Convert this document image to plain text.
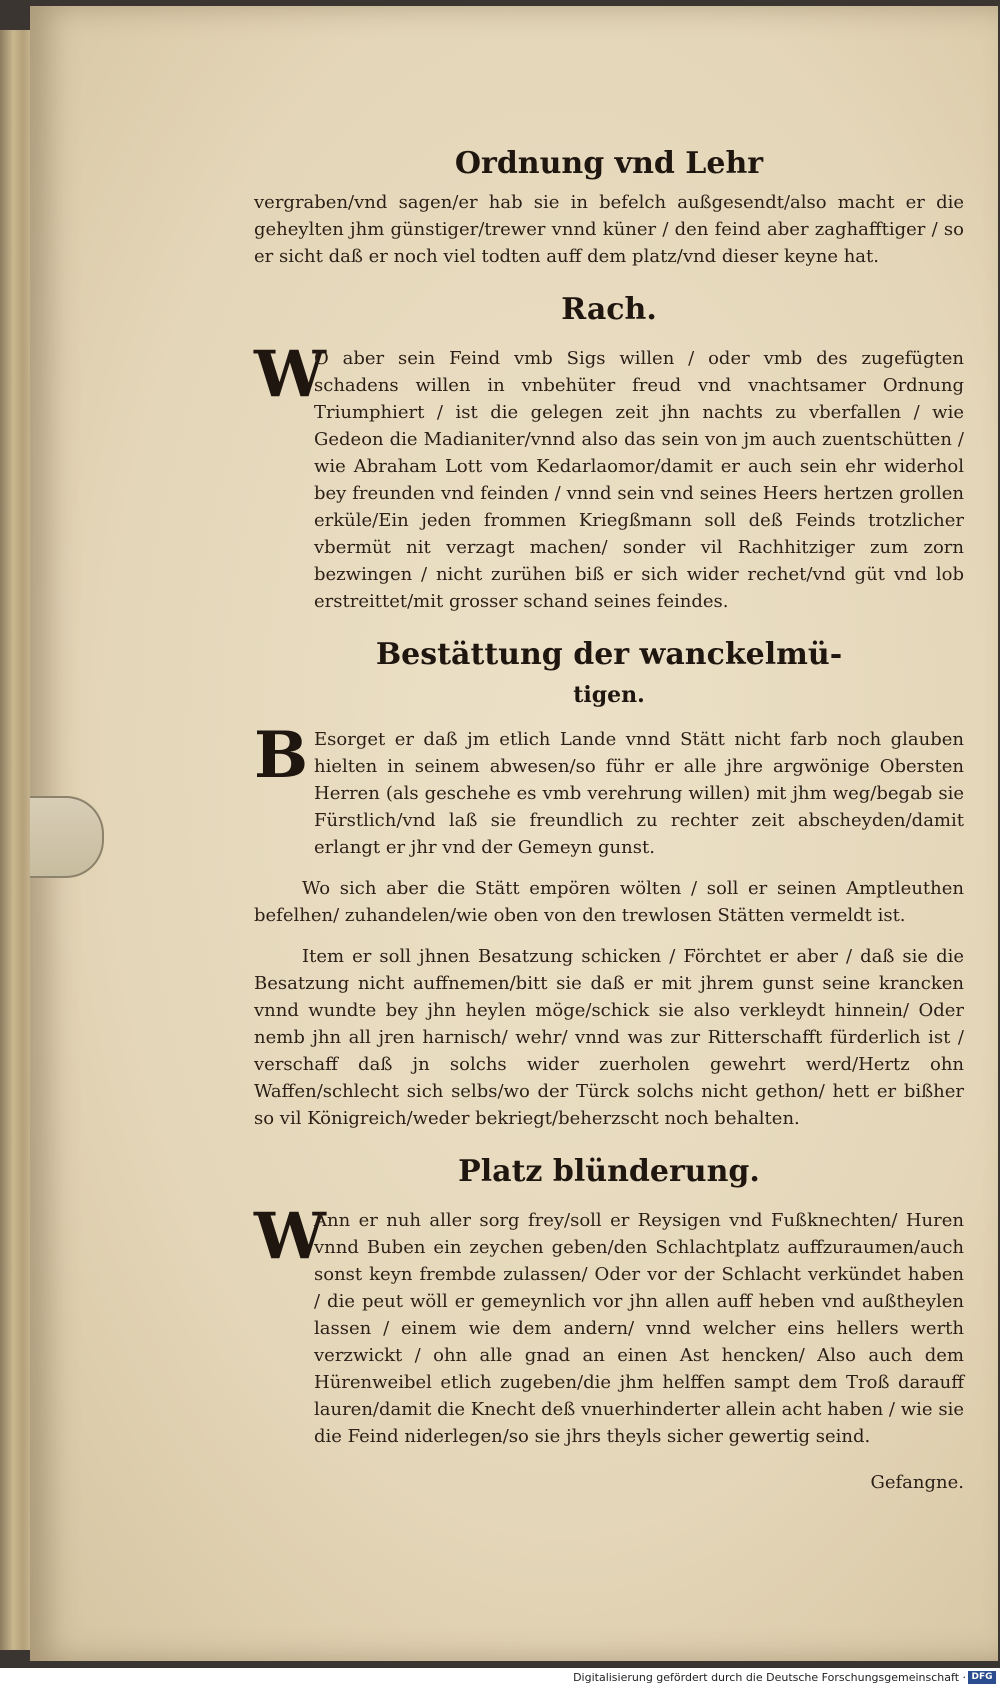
Ordnung vnd Lehr

vergraben/vnd sagen/er hab sie in befelch außgesendt/also macht er die geheylten jhm günstiger/trewer vnnd küner / den feind aber zaghafftiger / so er sicht daß er noch viel todten auff dem platz/vnd dieser keyne hat.

Rach.
W

O aber sein Feind vmb Sigs willen / oder vmb des zugefügten schadens willen in vnbehüter freud vnd vnachtsamer Ordnung Triumphiert / ist die gelegen zeit jhn nachts zu vberfallen / wie Gedeon die Madianiter/vnnd also das sein von jm auch zuentschütten / wie Abraham Lott vom Kedarlaomor/damit er auch sein ehr widerhol bey freunden vnd feinden / vnnd sein vnd seines Heers hertzen grollen erküle/Ein jeden frommen Kriegßmann soll deß Feinds trotzlicher vbermüt nit verzagt machen/ sonder vil Rachhitziger zum zorn bezwingen / nicht zurühen biß er sich wider rechet/vnd güt vnd lob erstreittet/mit grosser schand seines feindes.

Bestättung der wanckelmü-
tigen.
B Esorget er daß jm etlich Lande vnnd Stätt nicht farb noch glauben hielten in seinem abwesen/so führ er alle jhre argwönige Obersten Herren (als geschehe es vmb verehrung willen) mit jhm weg/begab sie Fürstlich/vnd laß sie freundlich zu rechter zeit abscheyden/damit erlangt er jhr vnd der Gemeyn gunst.

Wo sich aber die Stätt empören wölten / soll er seinen Amptleuthen befelhen/ zuhandelen/wie oben von den trewlosen Stätten vermeldt ist.

Item er soll jhnen Besatzung schicken / Förchtet er aber / daß sie die Besatzung nicht auffnemen/bitt sie daß er mit jhrem gunst seine krancken vnnd wundte bey jhn heylen möge/schick sie also verkleydt hinnein/ Oder nemb jhn all jren harnisch/ wehr/ vnnd was zur Ritterschafft fürderlich ist / verschaff daß jn solchs wider zuerholen gewehrt werd/Hertz ohn Waffen/schlecht sich selbs/wo der Türck solchs nicht gethon/ hett er bißher so vil Königreich/weder bekriegt/beherzscht noch behalten.

Platz blünderung.
W

Ann er nuh aller sorg frey/soll er Reysigen vnd Fußknechten/ Huren vnnd Buben ein zeychen geben/den Schlachtplatz auffzuraumen/auch sonst keyn frembde zulassen/ Oder vor der Schlacht verkündet haben / die peut wöll er gemeynlich vor jhn allen auff heben vnd außtheylen lassen / einem wie dem andern/ vnnd welcher eins hellers werth verzwickt / ohn alle gnad an einen Ast hencken/ Also auch dem Hürenweibel etlich zugeben/die jhm helffen sampt dem Troß darauff lauren/damit die Knecht deß vnuerhinderter allein acht haben / wie sie die Feind niderlegen/so sie jhrs theyls sicher gewertig seind.

Gefangne.
Digitalisierung gefördert durch die Deutsche Forschungsgemeinschaft · DFG
